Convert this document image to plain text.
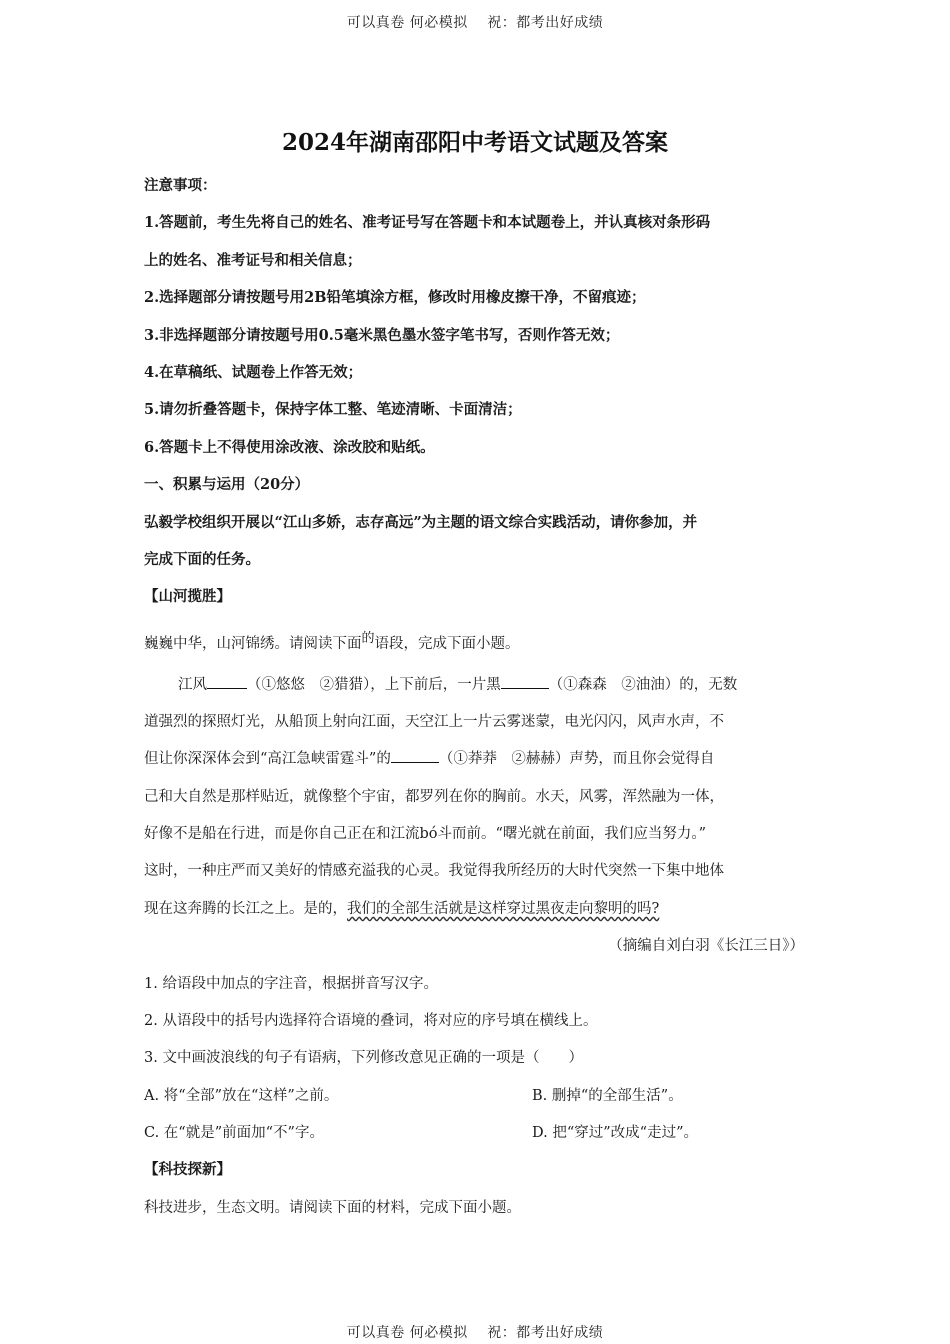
可以真卷 何必模拟　 祝：都考出好成绩
2024年湖南邵阳中考语文试题及答案
注意事项：
1.答题前，考生先将自己的姓名、准考证号写在答题卡和本试题卷上，并认真核对条形码
上的姓名、准考证号和相关信息；
2.选择题部分请按题号用2B铅笔填涂方框，修改时用橡皮擦干净，不留痕迹；
3.非选择题部分请按题号用0.5毫米黑色墨水签字笔书写，否则作答无效；
4.在草稿纸、试题卷上作答无效；
5.请勿折叠答题卡，保持字体工整、笔迹清晰、卡面清洁；
6.答题卡上不得使用涂改液、涂改胶和贴纸。
一、积累与运用（20分）
弘毅学校组织开展以“江山多娇，志存高远”为主题的语文综合实践活动，请你参加，并
完成下面的任务。
【山河揽胜】
巍巍中华，山河锦绣。请阅读下面的语段，完成下面小题。
江风	（①悠悠　②猎猎），上下前后，一片黑	（①森森　②油油）的，无数
道强烈的探照灯光，从船顶上射向江面，天空江上一片云雾迷蒙，电光闪闪，风声水声，不
但让你深深体会到“高江急峡雷霆斗”的	（①莽莽　②赫赫）声势，而且你会觉得自
己和大自然是那样贴近，就像整个宇宙，都罗列在你的胸前。水天，风雾，浑然融为一体，
好像不是船在行进，而是你自己正在和江流bó斗而前。“曙光就在前面，我们应当努力。”
这时，一种庄严而又美好的情感充溢我的心灵。我觉得我所经历的大时代突然一下集中地体
现在这奔腾的长江之上。是的，我们的全部生活就是这样穿过黑夜走向黎明的吗?
（摘编自刘白羽《长江三日》）
1. 给语段中加点的字注音，根据拼音写汉字。
2. 从语段中的括号内选择符合语境的叠词，将对应的序号填在横线上。
3. 文中画波浪线的句子有语病，下列修改意见正确的一项是（　　）
A. 将“全部”放在“这样”之前。	B. 删掉“的全部生活”。
C. 在“就是”前面加“不”字。	D. 把“穿过”改成“走过”。
【科技探新】
科技进步，生态文明。请阅读下面的材料，完成下面小题。
可以真卷 何必模拟　 祝：都考出好成绩
